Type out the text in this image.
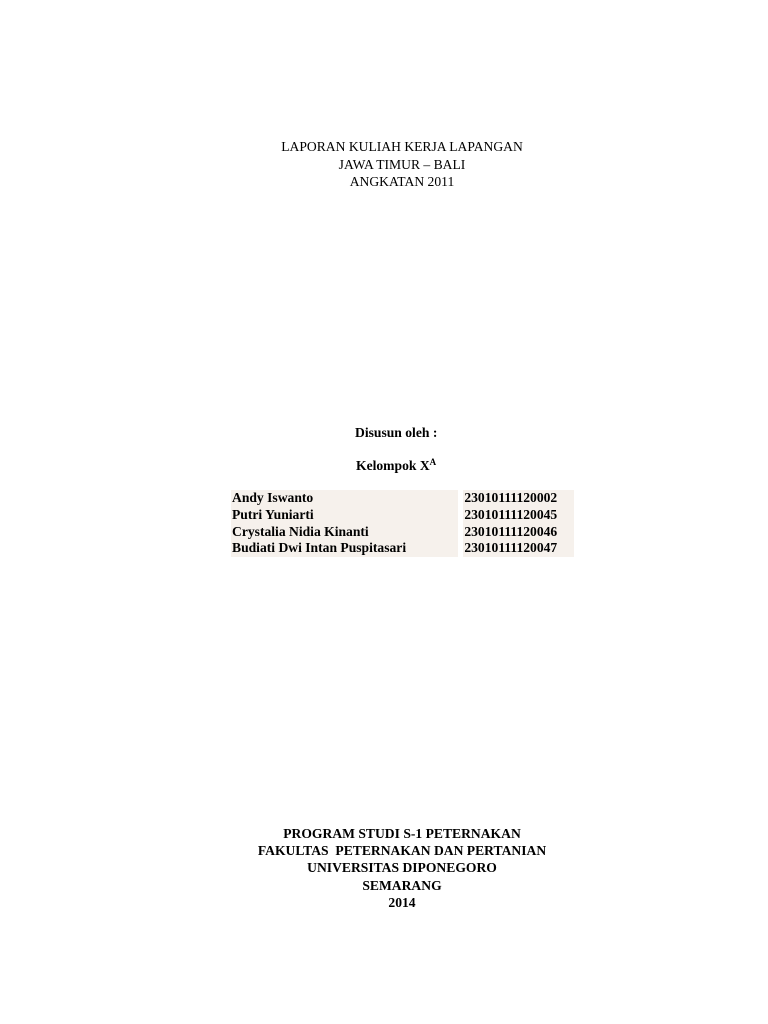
LAPORAN KULIAH KERJA LAPANGAN
JAWA TIMUR – BALI
ANGKATAN 2011
Disusun oleh :
Kelompok $X^A$
Andy Iswanto	23010111120002
Putri Yuniarti	23010111120045
Crystalia Nidia Kinanti	23010111120046
Budiati Dwi Intan Puspitasari	23010111120047
PROGRAM STUDI S-1 PETERNAKAN
FAKULTAS  PETERNAKAN DAN PERTANIAN
UNIVERSITAS DIPONEGORO
SEMARANG
2014
